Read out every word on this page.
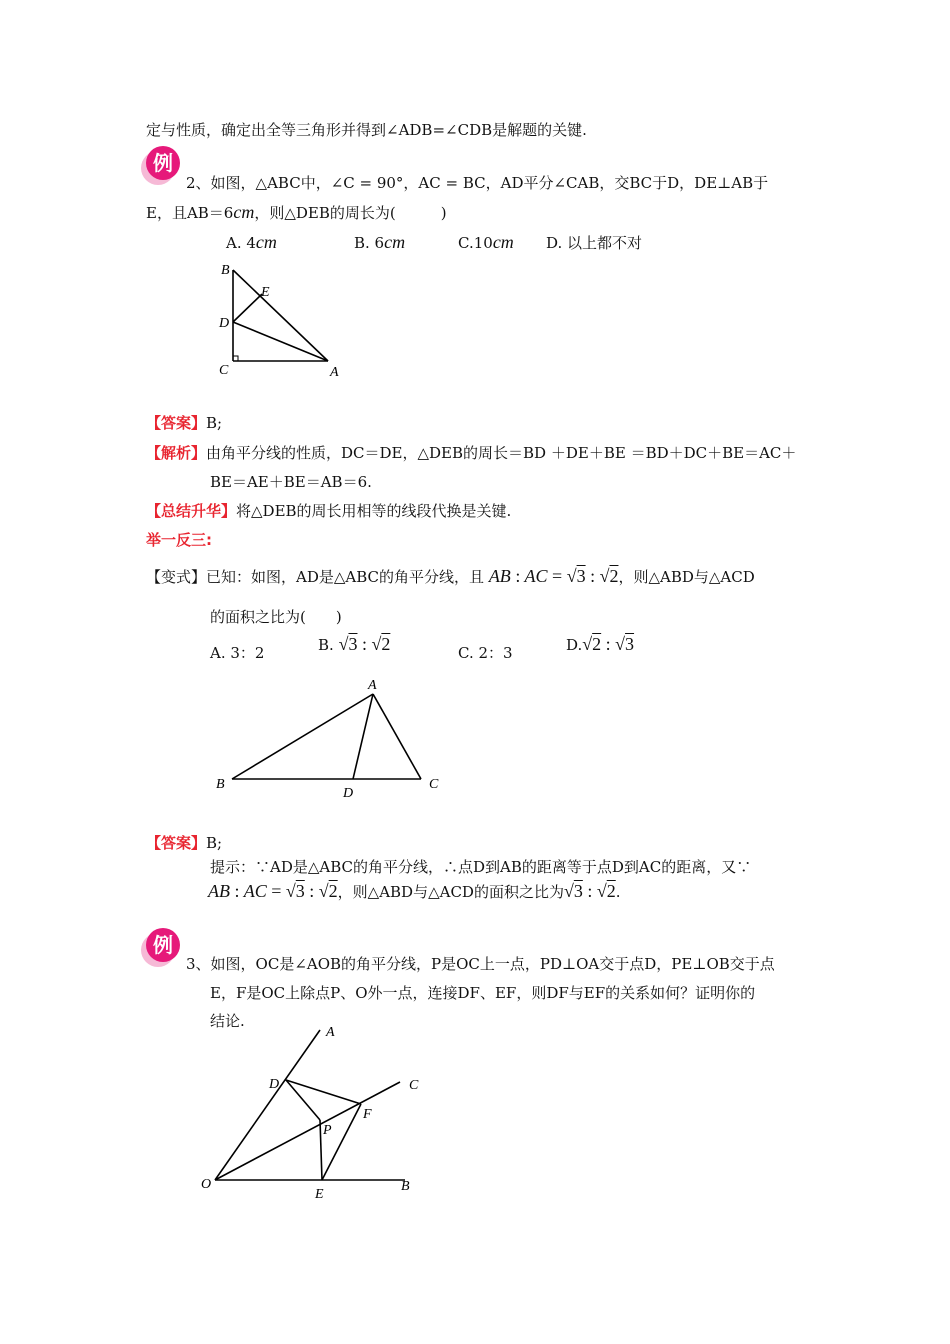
定与性质，确定出全等三角形并得到∠ADB=∠CDB是解题的关键.
例
2、如图，△ABC中，∠C = 90°，AC = BC，AD平分∠CAB，交BC于D，DE⊥AB于
E，且AB＝6cm，则△DEB的周长为(　　　)
A. 4cm	B. 6cm	C.10cm D. 以上都不对
B
E
D
C	A
【答案】B;
【解析】由角平分线的性质，DC＝DE，△DEB的周长＝BD ＋DE＋BE ＝BD＋DC＋BE＝AC＋
BE＝AE＋BE＝AB＝6.
【总结升华】将△DEB的周长用相等的线段代换是关键.
举一反三:
【变式】已知：如图，AD是△ABC的角平分线，且 AB : AC = √3 : √2，则△ABD与△ACD
的面积之比为(　　)
A. 3：2	B. √3 : √2	C. 2：3	D.√2 : √3
A
B
D
C
【答案】B;
提示：∵AD是△ABC的角平分线，∴点D到AB的距离等于点D到AC的距离，又∵
AB : AC = √3 : √2，则△ABD与△ACD的面积之比为√3 : √2.
例
3、如图，OC是∠AOB的角平分线，P是OC上一点，PD⊥OA交于点D，PE⊥OB交于点
E，F是OC上除点P、O外一点，连接DF、EF，则DF与EF的关系如何？证明你的
结论.
A
C
D
F
P
O
E
B
